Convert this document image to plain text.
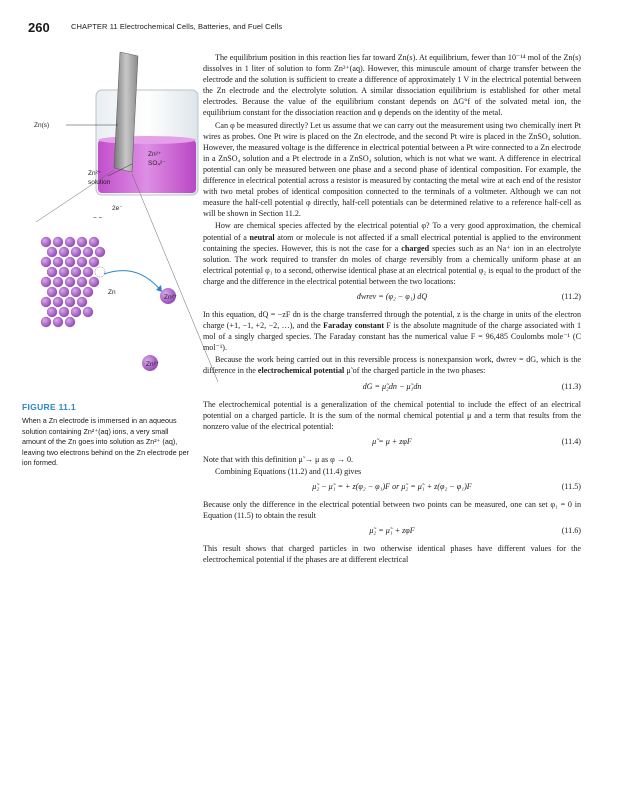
260	CHAPTER 11 Electrochemical Cells, Batteries, and Fuel Cells
Zn(s)
Zn²⁺
SO₄²⁻
Zn²⁺
solution
2e⁻
− −
Zn
Zn²⁺
Zn²⁺
FIGURE 11.1
When a Zn electrode is immersed in an aqueous solution containing Zn²⁺(aq) ions, a very small amount of the Zn goes into solution as Zn²⁺ (aq), leaving two electrons behind on the Zn electrode per ion formed.

The equilibrium position in this reaction lies far toward Zn(s). At equilibrium, fewer than 10⁻¹⁴ mol of the Zn(s) dissolves in 1 liter of solution to form Zn²⁺(aq). However, this minuscule amount of charge transfer between the electrode and the solution is sufficient to create a difference of approximately 1 V in the electrical potential between the Zn electrode and the electrolyte solution. A similar dissociation equilibrium is established for other metal electrodes. Because the value of the equilibrium constant depends on ΔG°f of the solvated metal ion, the equilibrium constant for the dissociation reaction and φ depends on the identity of the metal.

Can φ be measured directly? Let us assume that we can carry out the measurement using two chemically inert Pt wires as probes. One Pt wire is placed on the Zn electrode, and the second Pt wire is placed in the ZnSO₄ solution. However, the measured voltage is the difference in electrical potential between a Pt wire connected to a Zn electrode in a ZnSO₄ solution and a Pt electrode in a ZnSO₄ solution, which is not what we want. A difference in electrical potential can only be measured between one phase and a second phase of identical composition. For example, the difference in electrical potential across a resistor is measured by contacting the metal wire at each end of the resistor with two metal probes of identical composition connected to the terminals of a voltmeter. Although we can not measure the half-cell potential φ directly, half-cell potentials can be determined relative to a reference half-cell as will be shown in Section 11.2.

How are chemical species affected by the electrical potential φ? To a very good approximation, the chemical potential of a neutral atom or molecule is not affected if a small electrical potential is applied to the environment containing the species. However, this is not the case for a charged species such as an Na⁺ ion in an electrolyte solution. The work required to transfer dn moles of charge reversibly from a chemically uniform phase at an electrical potential φ₁ to a second, otherwise identical phase at an electrical potential φ₂ is equal to the product of the charge and the difference in the electrical potential between the two locations:

đwrev = (φ₂ − φ₁) dQ	(11.2)

In this equation, dQ = −zF dn is the charge transferred through the potential, z is the charge in units of the electron charge (+1, −1, +2, −2, …), and the Faraday constant F is the absolute magnitude of the charge associated with 1 mol of a singly charged species. The Faraday constant has the numerical value F = 96,485 Coulombs mole⁻¹ (C mol⁻¹).

Because the work being carried out in this reversible process is nonexpansion work, đwrev = dG, which is the difference in the electrochemical potential μ̃ of the charged particle in the two phases:

dG = μ̃₂dn − μ̃₁dn	(11.3)

The electrochemical potential is a generalization of the chemical potential to include the effect of an electrical potential on a charged particle. It is the sum of the normal chemical potential μ and a term that results from the nonzero value of the electrical potential:

μ̃ = μ + zφF	(11.4)

Note that with this definition μ̃ → μ as φ → 0.

Combining Equations (11.2) and (11.4) gives

μ̃₂ − μ̃₁ = + z(φ₂ − φ₁)F or μ̃₂ = μ̃₁ + z(φ₂ − φ₁)F	(11.5)

Because only the difference in the electrical potential between two points can be measured, one can set φ₁ = 0 in Equation (11.5) to obtain the result

μ̃₂ = μ̃₁ + zφF	(11.6)

This result shows that charged particles in two otherwise identical phases have different values for the electrochemical potential if the phases are at different electrical
